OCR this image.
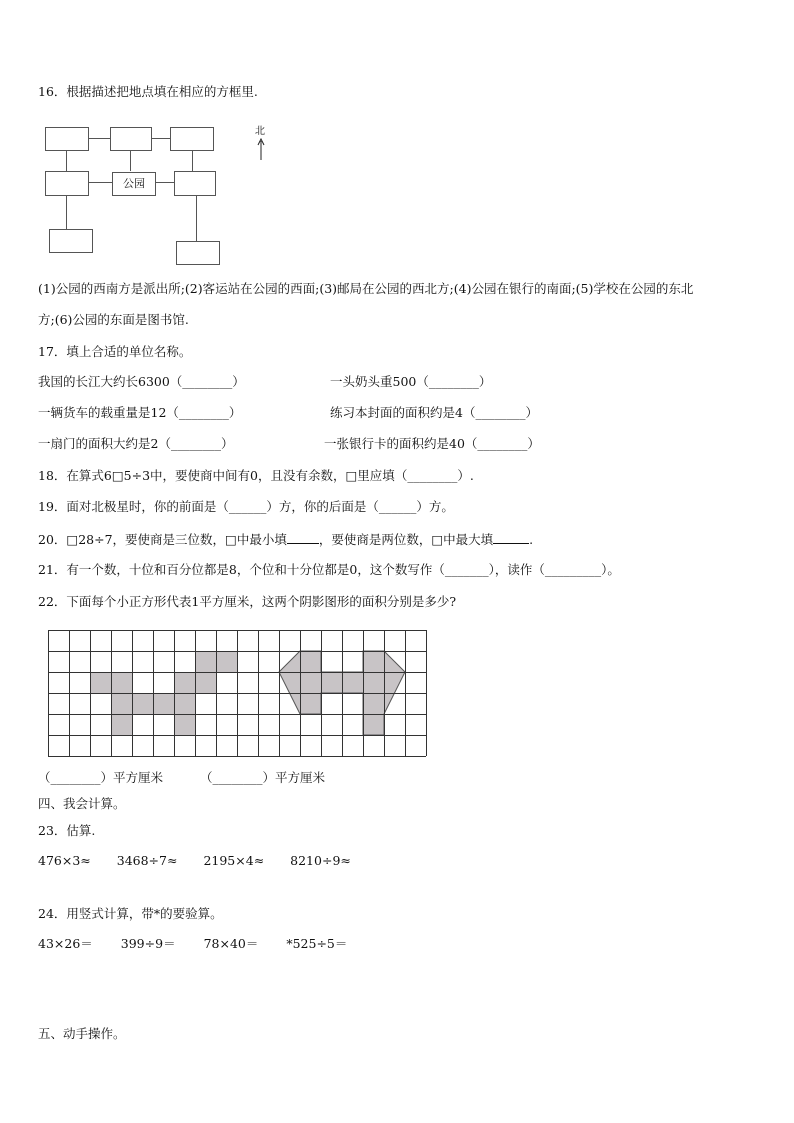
16．根据描述把地点填在相应的方框里.
公园
北
(1)公园的西南方是派出所;(2)客运站在公园的西面;(3)邮局在公园的西北方;(4)公园在银行的南面;(5)学校在公园的东北
方;(6)公园的东面是图书馆.
17．填上合适的单位名称。
我国的长江大约长6300（________）	一头奶头重500（________）
一辆货车的载重量是12（________）	练习本封面的面积约是4（________）
一扇门的面积大约是2（________）	一张银行卡的面积约是40（________）
18．在算式6□5÷3中，要使商中间有0，且没有余数，□里应填（________）.
19．面对北极星时，你的前面是（______）方，你的后面是（______）方。
20．□28÷7，要使商是三位数，□中最小填	，要使商是两位数，□中最大填	.
21．有一个数，十位和百分位都是8，个位和十分位都是0，这个数写作（_______），读作（_________）。
22．下面每个小正方形代表1平方厘米，这两个阴影图形的面积分别是多少?
（________）平方厘米	（________）平方厘米
四、我会计算。
23．估算.
476×3≈ 3468÷7≈ 2195×4≈ 8210÷9≈
24．用竖式计算，带*的要验算。
43×26＝ 399÷9＝ 78×40＝ *525÷5＝
五、动手操作。
